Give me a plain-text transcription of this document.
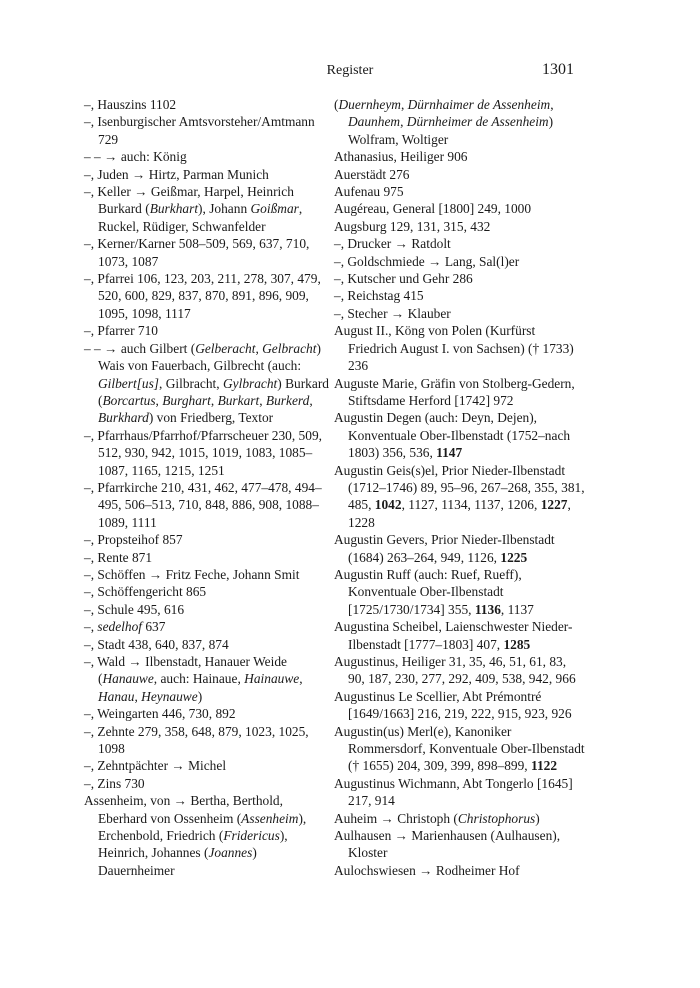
Register	1301

–, Hauszins 1102

–, Isenburgischer Amtsvorsteher/Amtmann 729

– – → auch: König

–, Juden → Hirtz, Parman Munich

–, Keller → Geißmar, Harpel, Heinrich Burkard (Burkhart), Johann Goißmar, Ruckel, Rüdiger, Schwanfelder

–, Kerner/Karner 508–509, 569, 637, 710, 1073, 1087

–, Pfarrei 106, 123, 203, 211, 278, 307, 479, 520, 600, 829, 837, 870, 891, 896, 909, 1095, 1098, 1117

–, Pfarrer 710

– – → auch Gilbert (Gelberacht, Gelbracht) Wais von Fauerbach, Gilbrecht (auch: Gilbert[us], Gilbracht, Gylbracht) Burkard (Borcartus, Burghart, Burkart, Burkerd, Burkhard) von Friedberg, Textor

–, Pfarrhaus/Pfarrhof/Pfarrscheuer 230, 509, 512, 930, 942, 1015, 1019, 1083, 1085–1087, 1165, 1215, 1251

–, Pfarrkirche 210, 431, 462, 477–478, 494–495, 506–513, 710, 848, 886, 908, 1088–1089, 1111

–, Propsteihof 857

–, Rente 871

–, Schöffen → Fritz Feche, Johann Smit

–, Schöffengericht 865

–, Schule 495, 616

–, sedelhof 637

–, Stadt 438, 640, 837, 874

–, Wald → Ilbenstadt, Hanauer Weide (Hanauwe, auch: Hainaue, Hainauwe, Hanau, Heynauwe)

–, Weingarten 446, 730, 892

–, Zehnte 279, 358, 648, 879, 1023, 1025, 1098

–, Zehntpächter → Michel

–, Zins 730

Assenheim, von → Bertha, Berthold, Eberhard von Ossenheim (Assenheim), Erchenbold, Friedrich (Fridericus), Heinrich, Johannes (Joannes) Dauernheimer

(Duernheym, Dürnhaimer de Assenheim, Daunhem, Dürnheimer de Assenheim) Wolfram, Woltiger

Athanasius, Heiliger 906

Auerstädt 276

Aufenau 975

Augéreau, General [1800] 249, 1000

Augsburg 129, 131, 315, 432

–, Drucker → Ratdolt

–, Goldschmiede → Lang, Sal(l)er

–, Kutscher und Gehr 286

–, Reichstag 415

–, Stecher → Klauber

August II., Köng von Polen (Kurfürst Friedrich August I. von Sachsen) († 1733) 236

Auguste Marie, Gräfin von Stolberg-Gedern, Stiftsdame Herford [1742] 972

Augustin Degen (auch: Deyn, Dejen), Konventuale Ober-Ilbenstadt (1752–nach 1803) 356, 536, 1147

Augustin Geis(s)el, Prior Nieder-Ilbenstadt (1712–1746) 89, 95–96, 267–268, 355, 381, 485, 1042, 1127, 1134, 1137, 1206, 1227, 1228

Augustin Gevers, Prior Nieder-Ilbenstadt (1684) 263–264, 949, 1126, 1225

Augustin Ruff (auch: Ruef, Rueff), Konventuale Ober-Ilbenstadt [1725/1730/1734] 355, 1136, 1137

Augustina Scheibel, Laienschwester Nieder-Ilbenstadt [1777–1803] 407, 1285

Augustinus, Heiliger 31, 35, 46, 51, 61, 83, 90, 187, 230, 277, 292, 409, 538, 942, 966

Augustinus Le Scellier, Abt Prémontré [1649/1663] 216, 219, 222, 915, 923, 926

Augustin(us) Merl(e), Kanoniker Rommersdorf, Konventuale Ober-Ilbenstadt († 1655) 204, 309, 399, 898–899, 1122

Augustinus Wichmann, Abt Tongerlo [1645] 217, 914

Auheim → Christoph (Christophorus)

Aulhausen → Marienhausen (Aulhausen), Kloster

Aulochswiesen → Rodheimer Hof
